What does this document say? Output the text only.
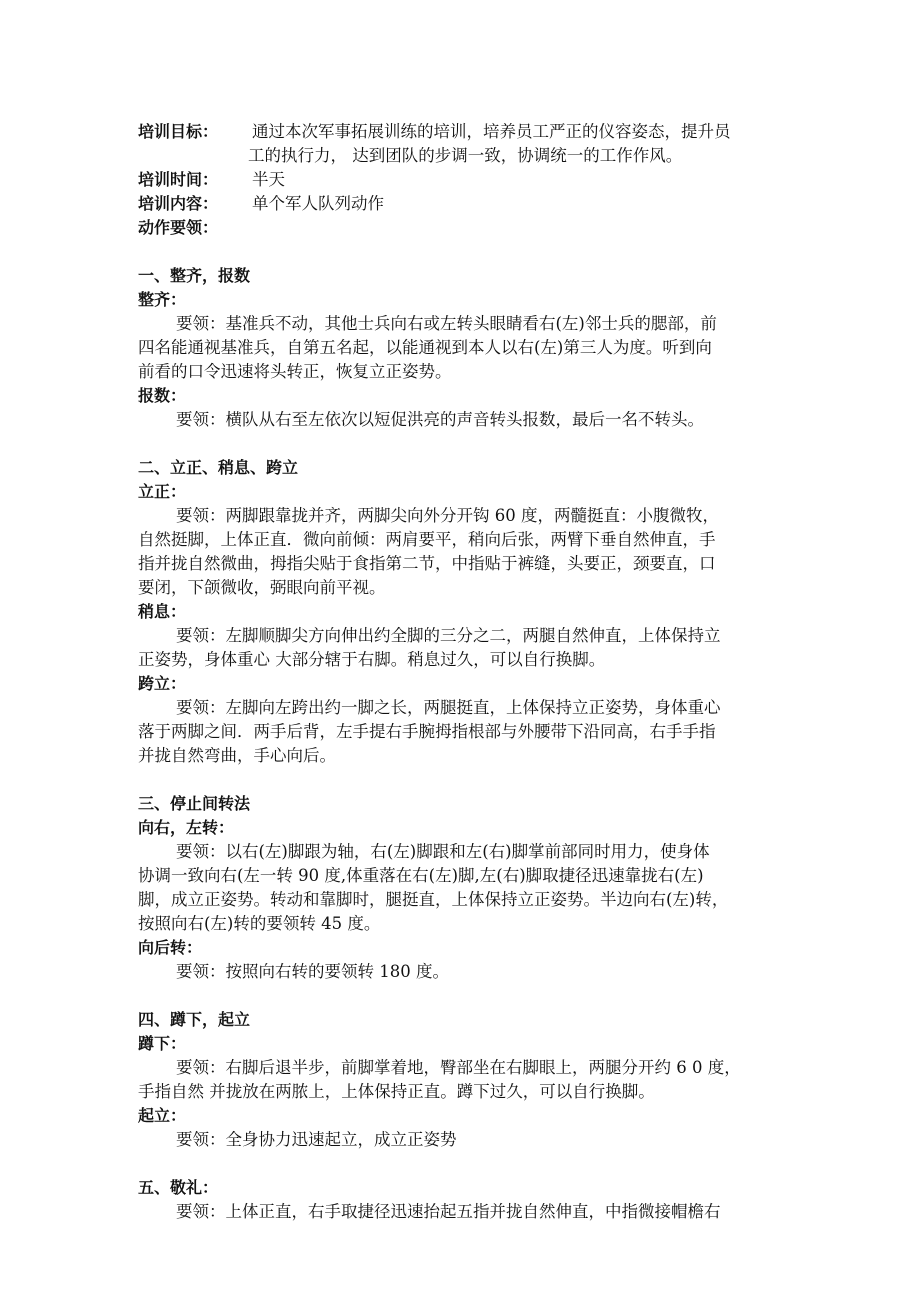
培训目标： 通过本次军事拓展训练的培训，培养员工严正的仪容姿态，提升员
工的执行力， 达到团队的步调一致，协调统一的工作作风。
培训时间： 半天
培训内容： 单个军人队列动作
动作要领：
一、整齐，报数
整齐：
要领：基准兵不动，其他士兵向右或左转头眼睛看右(左)邻士兵的腮部，前
四名能通视基准兵，自第五名起，以能通视到本人以右(左)第三人为度。听到向
前看的口令迅速将头转正，恢复立正姿势。
报数：
要领：横队从右至左依次以短促洪亮的声音转头报数，最后一名不转头。
二、立正、稍息、跨立
立正：
要领：两脚跟靠拢并齐，两脚尖向外分开钩 60 度，两髓挺直：小腹微牧，
自然挺脚，上体正直．微向前倾：两肩要平，稍向后张，两臂下垂自然伸直，手
指并拢自然微曲，拇指尖贴于食指第二节，中指贴于裤缝，头要正，颈要直，口
要闭，下颌微收，弼眼向前平视。
稍息：
要领：左脚顺脚尖方向伸出约全脚的三分之二，两腿自然伸直，上体保持立
正姿势，身体重心 大部分辖于右脚。稍息过久，可以自行换脚。
跨立：
要领：左脚向左跨出约一脚之长，两腿挺直，上体保持立正姿势，身体重心
落于两脚之间．两手后背，左手提右手腕拇指根部与外腰带下沿同高，右手手指
并拢自然弯曲，手心向后。
三、停止间转法
向右，左转：
要领：以右(左)脚跟为轴，右(左)脚跟和左(右)脚掌前部同时用力，使身体
协调一致向右(左一转 90 度,体重落在右(左)脚,左(右)脚取捷径迅速靠拢右(左)
脚，成立正姿势。转动和靠脚时，腿挺直，上体保持立正姿势。半边向右(左)转，
按照向右(左)转的要领转 45 度。
向后转：
要领：按照向右转的要领转 180 度。
四、蹲下，起立
蹲下：
要领：右脚后退半步，前脚掌着地，臀部坐在右脚眼上，两腿分开约 6 0 度，
手指自然 并拢放在两脓上，上体保持正直。蹲下过久，可以自行换脚。
起立：
要领：全身协力迅速起立，成立正姿势
五、敬礼：
要领：上体正直，右手取捷径迅速抬起五指并拢自然伸直，中指微接帽檐右
